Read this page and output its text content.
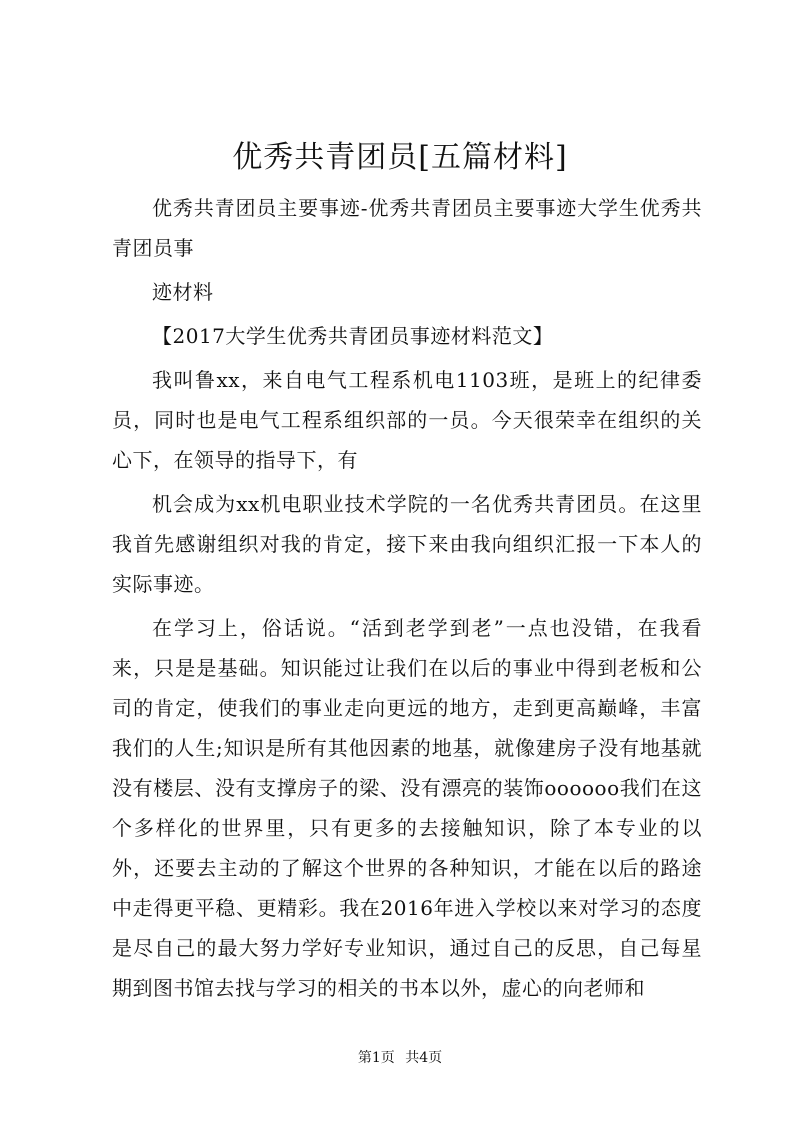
优秀共青团员[五篇材料]

优秀共青团员主要事迹-优秀共青团员主要事迹大学生优秀共青团员事

迹材料

【2017大学生优秀共青团员事迹材料范文】

我叫鲁xx，来自电气工程系机电1103班，是班上的纪律委员，同时也是电气工程系组织部的一员。今天很荣幸在组织的关心下，在领导的指导下，有

机会成为xx机电职业技术学院的一名优秀共青团员。在这里我首先感谢组织对我的肯定，接下来由我向组织汇报一下本人的实际事迹。

在学习上，俗话说。“活到老学到老”一点也没错，在我看来，只是是基础。知识能过让我们在以后的事业中得到老板和公司的肯定，使我们的事业走向更远的地方，走到更高巅峰，丰富我们的人生;知识是所有其他因素的地基，就像建房子没有地基就没有楼层、没有支撑房子的梁、没有漂亮的装饰oooooo我们在这个多样化的世界里，只有更多的去接触知识，除了本专业的以外，还要去主动的了解这个世界的各种知识，才能在以后的路途中走得更平稳、更精彩。我在2016年进入学校以来对学习的态度是尽自己的最大努力学好专业知识，通过自己的反思，自己每星期到图书馆去找与学习的相关的书本以外，虚心的向老师和

第1页 共4页
